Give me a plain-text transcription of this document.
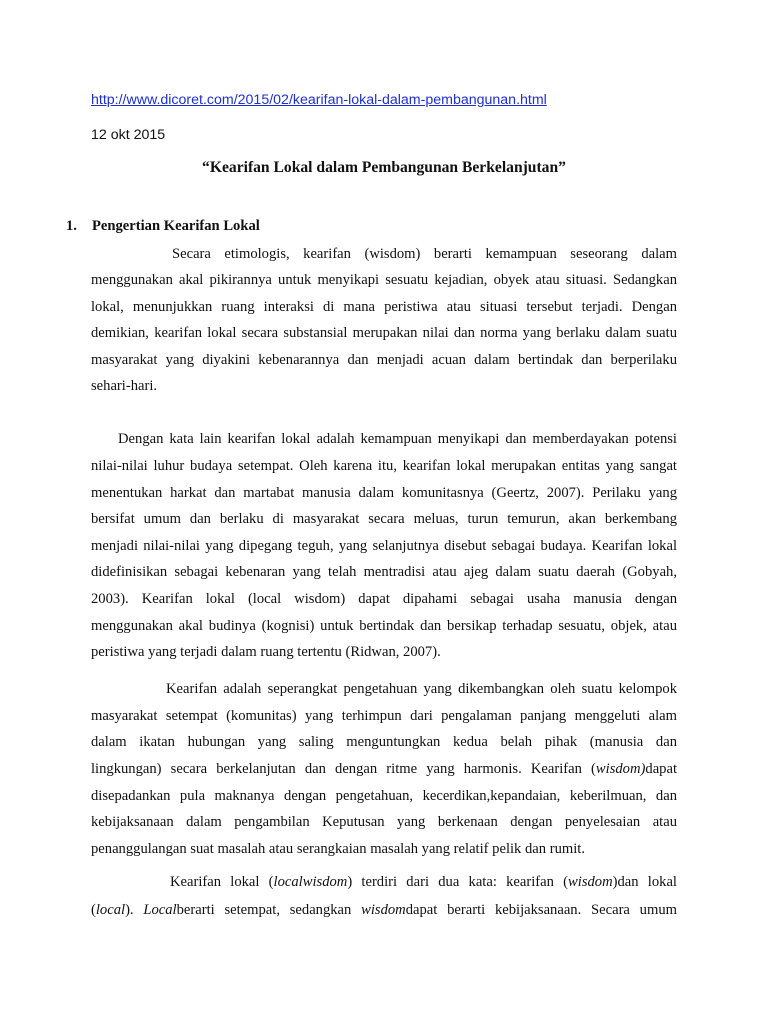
http://www.dicoret.com/2015/02/kearifan-lokal-dalam-pembangunan.html
12 okt 2015
“Kearifan Lokal dalam Pembangunan Berkelanjutan”
1. Pengertian Kearifan Lokal
Secara etimologis, kearifan (wisdom) berarti kemampuan seseorang dalam
menggunakan akal pikirannya untuk menyikapi sesuatu kejadian, obyek atau situasi. Sedangkan
lokal, menunjukkan ruang interaksi di mana peristiwa atau situasi tersebut terjadi. Dengan
demikian, kearifan lokal secara substansial merupakan nilai dan norma yang berlaku dalam suatu
masyarakat yang diyakini kebenarannya dan menjadi acuan dalam bertindak dan berperilaku
sehari-hari.
Dengan kata lain kearifan lokal adalah kemampuan menyikapi dan memberdayakan potensi
nilai-nilai luhur budaya setempat. Oleh karena itu, kearifan lokal merupakan entitas yang sangat
menentukan harkat dan martabat manusia dalam komunitasnya (Geertz, 2007). Perilaku yang
bersifat umum dan berlaku di masyarakat secara meluas, turun temurun, akan berkembang
menjadi nilai-nilai yang dipegang teguh, yang selanjutnya disebut sebagai budaya. Kearifan lokal
didefinisikan sebagai kebenaran yang telah mentradisi atau ajeg dalam suatu daerah (Gobyah,
2003). Kearifan lokal (local wisdom) dapat dipahami sebagai usaha manusia dengan
menggunakan akal budinya (kognisi) untuk bertindak dan bersikap terhadap sesuatu, objek, atau
peristiwa yang terjadi dalam ruang tertentu (Ridwan, 2007).
Kearifan adalah seperangkat pengetahuan yang dikembangkan oleh suatu kelompok
masyarakat setempat (komunitas) yang terhimpun dari pengalaman panjang menggeluti alam
dalam ikatan hubungan yang saling menguntungkan kedua belah pihak (manusia dan
lingkungan) secara berkelanjutan dan dengan ritme yang harmonis. Kearifan (wisdom)dapat
disepadankan pula maknanya dengan pengetahuan, kecerdikan,kepandaian, keberilmuan, dan
kebijaksanaan dalam pengambilan Keputusan yang berkenaan dengan penyelesaian atau
penanggulangan suat masalah atau serangkaian masalah yang relatif pelik dan rumit.
Kearifan lokal (localwisdom) terdiri dari dua kata: kearifan (wisdom)dan lokal
(local). Localberarti setempat, sedangkan wisdomdapat berarti kebijaksanaan. Secara umum
